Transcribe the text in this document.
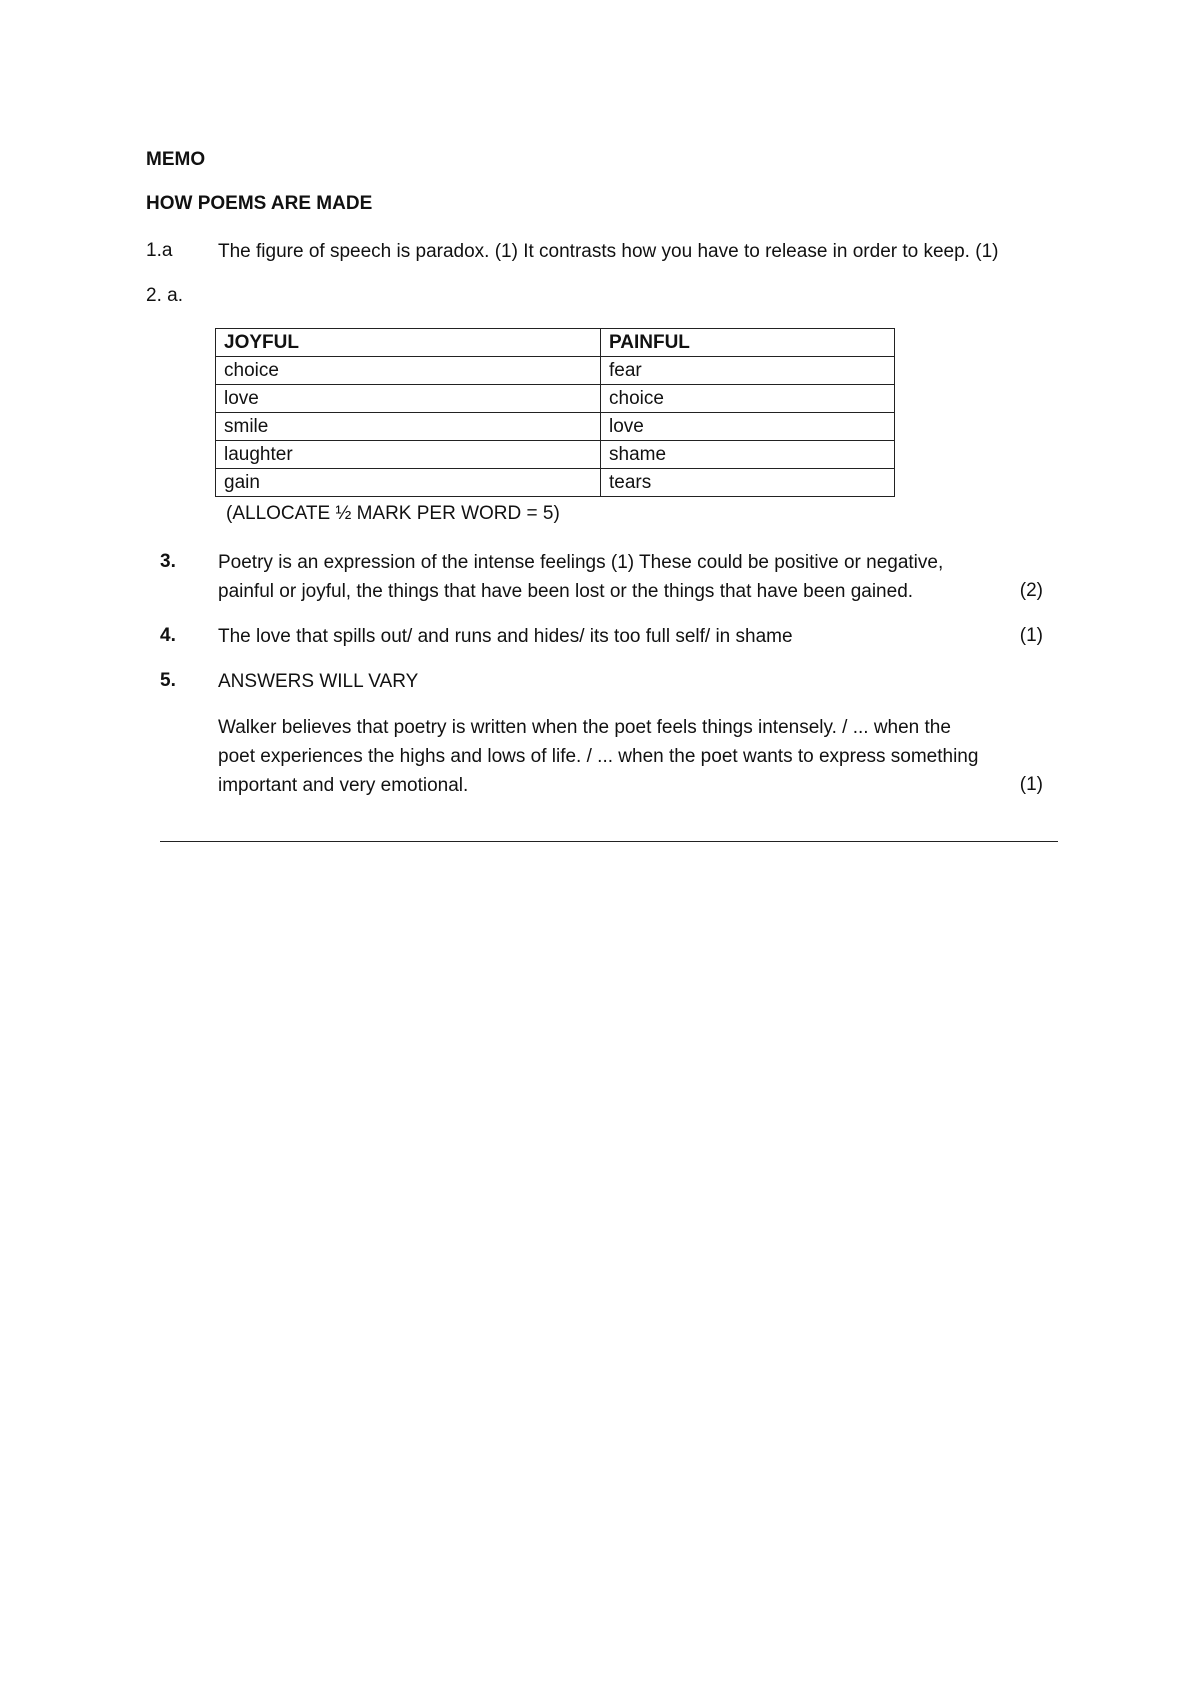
MEMO
HOW POEMS ARE MADE
1.a The figure of speech is paradox. (1) It contrasts how you have to release in order to keep. (1)
2. a.
JOYFUL	PAINFUL
choice	fear
love	choice
smile	love
laughter	shame
gain	tears
(ALLOCATE ½ MARK PER WORD = 5)
3. Poetry is an expression of the intense feelings (1) These could be positive or negative,
painful or joyful, the things that have been lost or the things that have been gained.	(2)
4. The love that spills out/ and runs and hides/ its too full self/ in shame	(1)
5. ANSWERS WILL VARY
Walker believes that poetry is written when the poet feels things intensely. / ... when the
poet experiences the highs and lows of life. / ... when the poet wants to express something
important and very emotional.	(1)
